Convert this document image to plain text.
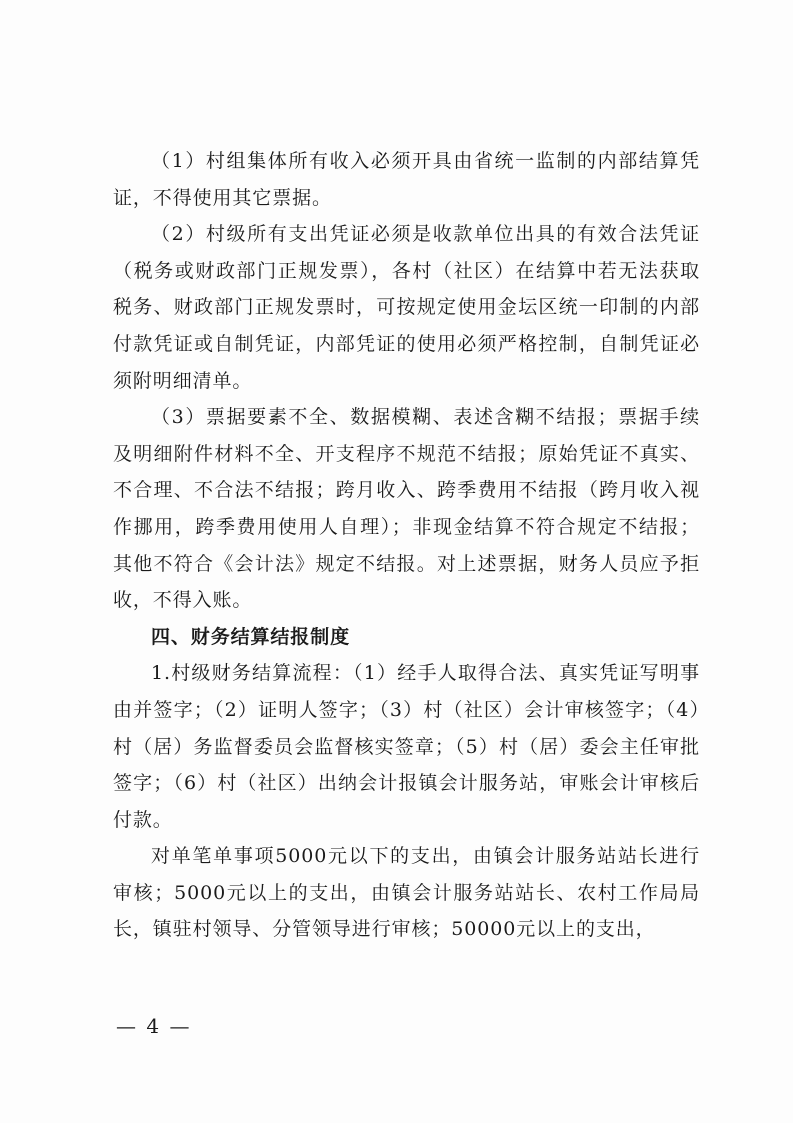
（1）村组集体所有收入必须开具由省统一监制的内部结算凭证，不得使用其它票据。

（2）村级所有支出凭证必须是收款单位出具的有效合法凭证（税务或财政部门正规发票），各村（社区）在结算中若无法获取税务、财政部门正规发票时，可按规定使用金坛区统一印制的内部付款凭证或自制凭证，内部凭证的使用必须严格控制，自制凭证必须附明细清单。

（3）票据要素不全、数据模糊、表述含糊不结报；票据手续及明细附件材料不全、开支程序不规范不结报；原始凭证不真实、不合理、不合法不结报；跨月收入、跨季费用不结报（跨月收入视作挪用，跨季费用使用人自理）；非现金结算不符合规定不结报；其他不符合《会计法》规定不结报。对上述票据，财务人员应予拒收，不得入账。

四、财务结算结报制度

1.村级财务结算流程：（1）经手人取得合法、真实凭证写明事由并签字；（2）证明人签字；（3）村（社区）会计审核签字；（4）村（居）务监督委员会监督核实签章；（5）村（居）委会主任审批签字；（6）村（社区）出纳会计报镇会计服务站，审账会计审核后付款。

对单笔单事项5000元以下的支出，由镇会计服务站站长进行审核；5000元以上的支出，由镇会计服务站站长、农村工作局局长，镇驻村领导、分管领导进行审核；50000元以上的支出，

— 4 —
